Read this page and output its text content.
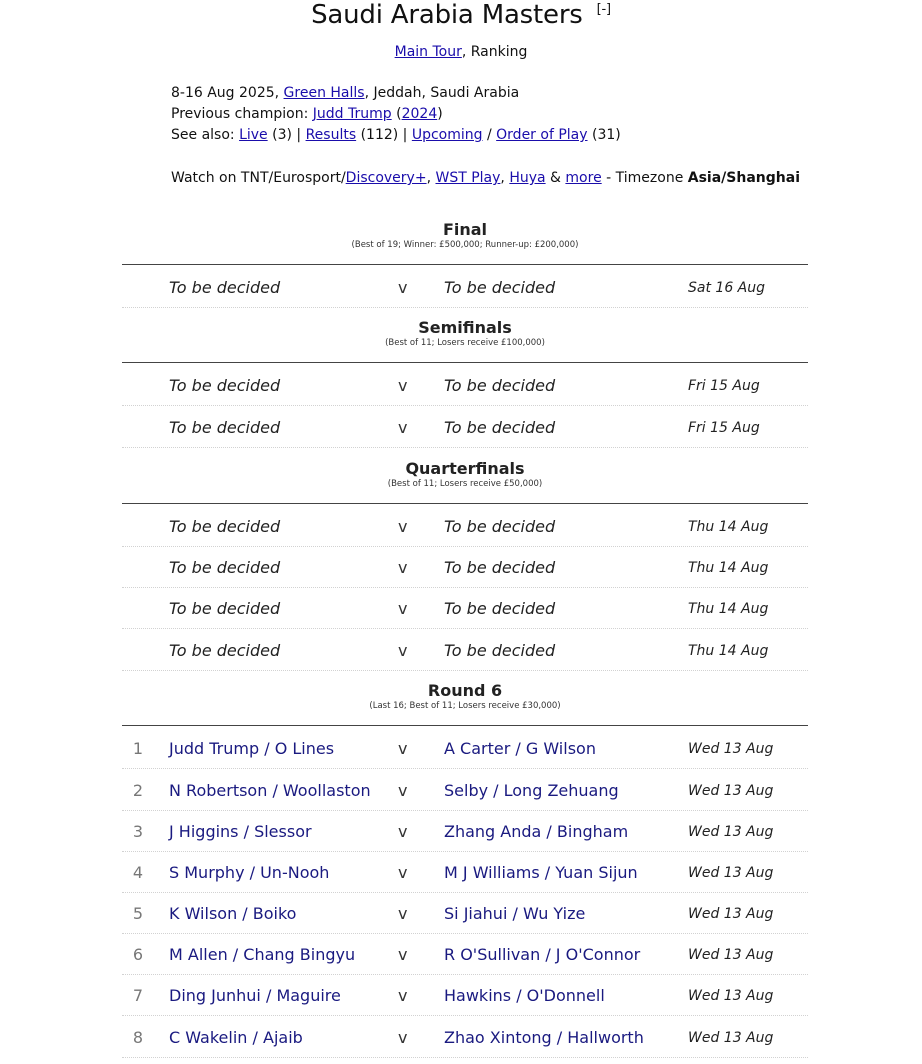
Saudi Arabia Masters [-]
Main Tour, Ranking
8-16 Aug 2025, Green Halls, Jeddah, Saudi Arabia
Previous champion: Judd Trump (2024)
See also: Live (3) | Results (112) | Upcoming / Order of Play (31)
Watch on TNT/Eurosport/Discovery+, WST Play, Huya & more - Timezone Asia/Shanghai
Final
(Best of 19; Winner: £500,000; Runner-up: £200,000)
To be decided	v To be decided	Sat 16 Aug
Semifinals
(Best of 11; Losers receive £100,000)
To be decided	v To be decided	Fri 15 Aug
To be decided	v To be decided	Fri 15 Aug
Quarterfinals
(Best of 11; Losers receive £50,000)
To be decided	v To be decided	Thu 14 Aug
To be decided	v To be decided	Thu 14 Aug
To be decided	v To be decided	Thu 14 Aug
To be decided	v To be decided	Thu 14 Aug
Round 6
(Last 16; Best of 11; Losers receive £30,000)
1	Judd Trump / O Lines	v A Carter / G Wilson	Wed 13 Aug
2	N Robertson / Woollaston v Selby / Long Zehuang	Wed 13 Aug
3	J Higgins / Slessor	v Zhang Anda / Bingham	Wed 13 Aug
4	S Murphy / Un-Nooh	v M J Williams / Yuan Sijun	Wed 13 Aug
5	K Wilson / Boiko	v Si Jiahui / Wu Yize	Wed 13 Aug
6	M Allen / Chang Bingyu	v R O'Sullivan / J O'Connor	Wed 13 Aug
7	Ding Junhui / Maguire	v Hawkins / O'Donnell	Wed 13 Aug
8	C Wakelin / Ajaib	v Zhao Xintong / Hallworth	Wed 13 Aug
